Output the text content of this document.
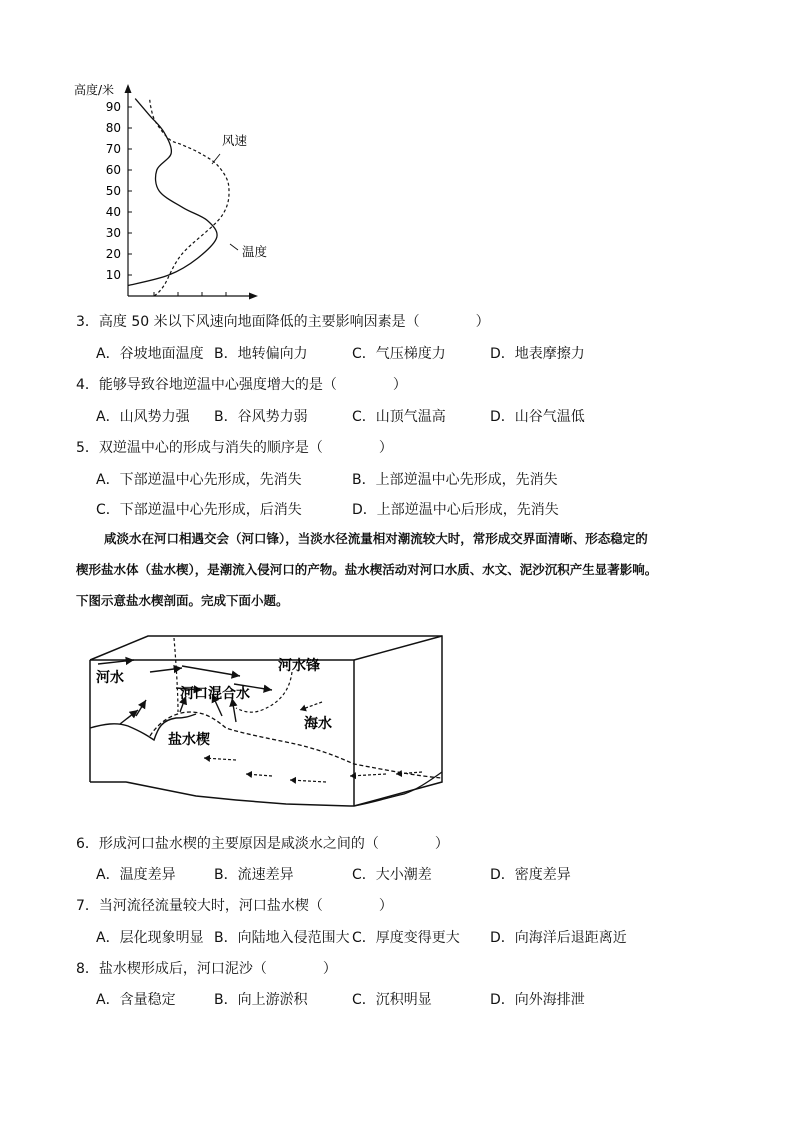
高度/米
90
80
70
60
50
40
30
20
10
风速
温度
3．高度 50 米以下风速向地面降低的主要影响因素是（　　　　）
A．谷坡地面温度 B．地转偏向力	C．气压梯度力	D．地表摩擦力
4．能够导致谷地逆温中心强度增大的是（　　　　）
A．山风势力强 B．谷风势力弱	C．山顶气温高	D．山谷气温低
5．双逆温中心的形成与消失的顺序是（　　　　）
A．下部逆温中心先形成，先消失	B．上部逆温中心先形成，先消失
C．下部逆温中心先形成，后消失	D．上部逆温中心后形成，先消失

咸淡水在河口相遇交会（河口锋），当淡水径流量相对潮流较大时，常形成交界面清晰、形态稳定的

楔形盐水体（盐水楔），是潮流入侵河口的产物。盐水楔活动对河口水质、水文、泥沙沉积产生显著影响。

下图示意盐水楔剖面。完成下面小题。

河水
河水锋
河口混合水
海水
盐水楔
6．形成河口盐水楔的主要原因是咸淡水之间的（　　　　）
A．温度差异	B．流速差异	C．大小潮差	D．密度差异
7．当河流径流量较大时，河口盐水楔（　　　　）
A．层化现象明显 B．向陆地入侵范围大 C．厚度变得更大 D．向海洋后退距离近
8．盐水楔形成后，河口泥沙（　　　　）
A．含量稳定	B．向上游淤积	C．沉积明显	D．向外海排泄
